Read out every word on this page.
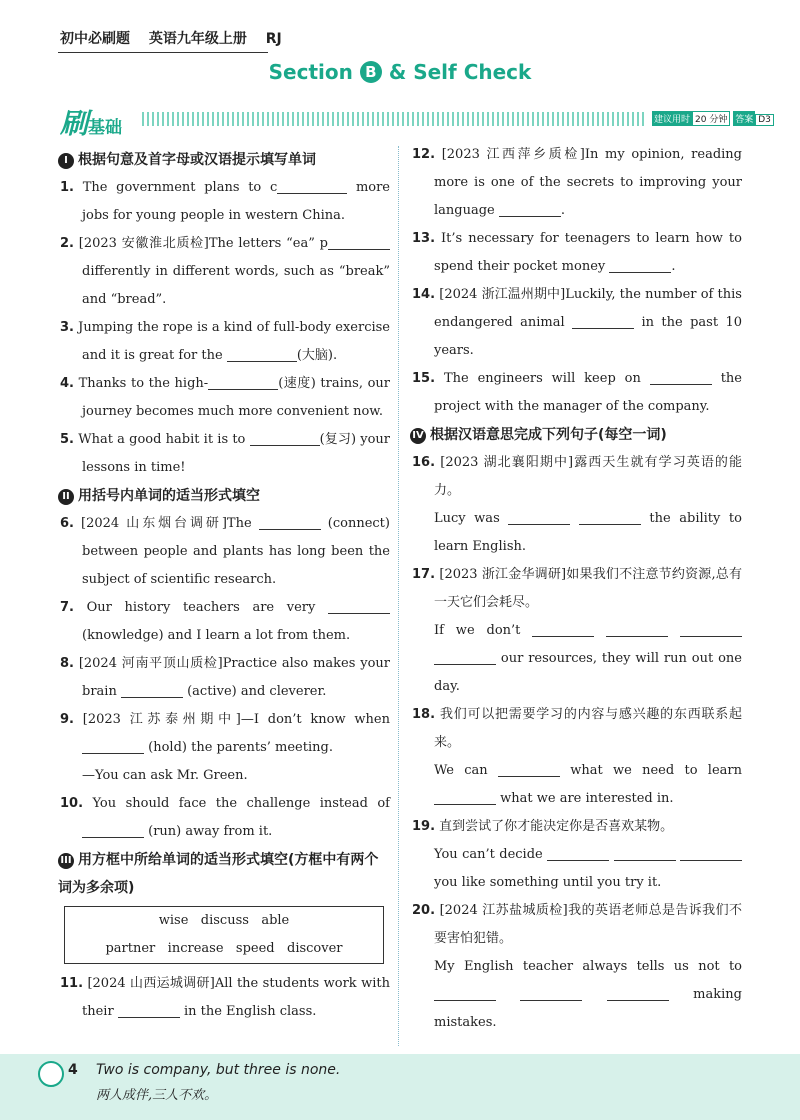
初中必刷题 英语九年级上册 RJ
Section B & Self Check
刷基础	建议用时 20 分钟 答案 D3
I 根据句意及首字母或汉语提示填写单词

1. The government plans to c	more jobs for young people in western China.

2. [2023 安徽淮北质检]The letters “ea” p differently in different words, such as “break” and “bread”.

3. Jumping the rope is a kind of full-body exercise and it is great for the	(大脑).

4. Thanks to the high-	(速度) trains, our journey becomes much more convenient now.

5. What a good habit it is to	(复习) your lessons in time!

II 用括号内单词的适当形式填空

6. [2024 山东烟台调研]The	(connect) between people and plants has long been the subject of scientific research.

7. Our history teachers are very  (knowledge) and I learn a lot from them.

8. [2024 河南平顶山质检]Practice also makes your brain	(active) and cleverer.

9. [2023 江苏泰州期中]—I don’t know when  (hold) the parents’ meeting.

—You can ask Mr. Green.

10. You should face the challenge instead of  (run) away from it.

III 用方框中所给单词的适当形式填空(方框中有两个词为多余项)
wise   discuss   able
partner   increase   speed   discover

11. [2024 山西运城调研]All the students work with their	in the English class.

12. [2023 江西萍乡质检]In my opinion, reading more is one of the secrets to improving your language	.

13. It’s necessary for teenagers to learn how to spend their pocket money	.

14. [2024 浙江温州期中]Luckily, the number of this endangered animal	in the past 10 years.

15. The engineers will keep on	the project with the manager of the company.

IV 根据汉语意思完成下列句子(每空一词)

16. [2023 湖北襄阳期中]露西天生就有学习英语的能力。

Lucy was	the ability to learn English.

17. [2023 浙江金华调研]如果我们不注意节约资源,总有一天它们会耗尽。

If we don’t     our resources, they will run out one day.

18. 我们可以把需要学习的内容与感兴趣的东西联系起来。

We can	what we need to learn  what we are interested in.

19. 直到尝试了你才能决定你是否喜欢某物。

You can’t decide    you like something until you try it.

20. [2024 江苏盐城质检]我的英语老师总是告诉我们不要害怕犯错。

My English teacher always tells us not to    making mistakes.

4 Two is company, but three is none.
两人成伴,三人不欢。
